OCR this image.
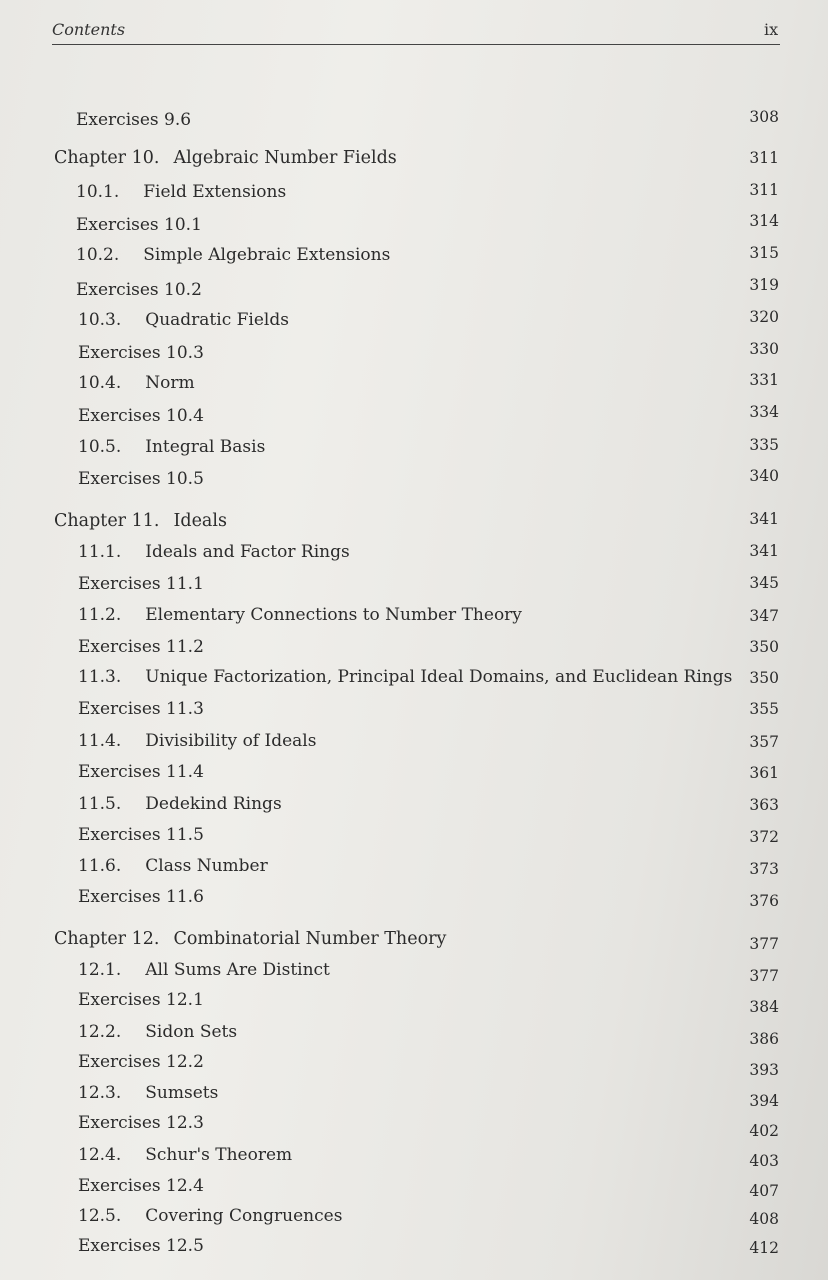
Contents	ix
Exercises 9.6	308
Chapter 10. Algebraic Number Fields	311
10.1. Field Extensions	311
Exercises 10.1	314
10.2. Simple Algebraic Extensions	315
Exercises 10.2	319
10.3. Quadratic Fields	320
Exercises 10.3	330
10.4. Norm	331
Exercises 10.4	334
10.5. Integral Basis	335
Exercises 10.5	340
Chapter 11. Ideals	341
11.1. Ideals and Factor Rings	341
Exercises 11.1	345
11.2. Elementary Connections to Number Theory	347
Exercises 11.2	350
11.3. Unique Factorization, Principal Ideal Domains, and Euclidean Rings	350
Exercises 11.3	355
11.4. Divisibility of Ideals	357
Exercises 11.4	361
11.5. Dedekind Rings	363
Exercises 11.5	372
11.6. Class Number	373
Exercises 11.6	376
Chapter 12. Combinatorial Number Theory	377
12.1. All Sums Are Distinct	377
Exercises 12.1	384
12.2. Sidon Sets	386
Exercises 12.2	393
12.3. Sumsets	394
Exercises 12.3	402
12.4. Schur's Theorem	403
Exercises 12.4	407
12.5. Covering Congruences	408
Exercises 12.5	412
